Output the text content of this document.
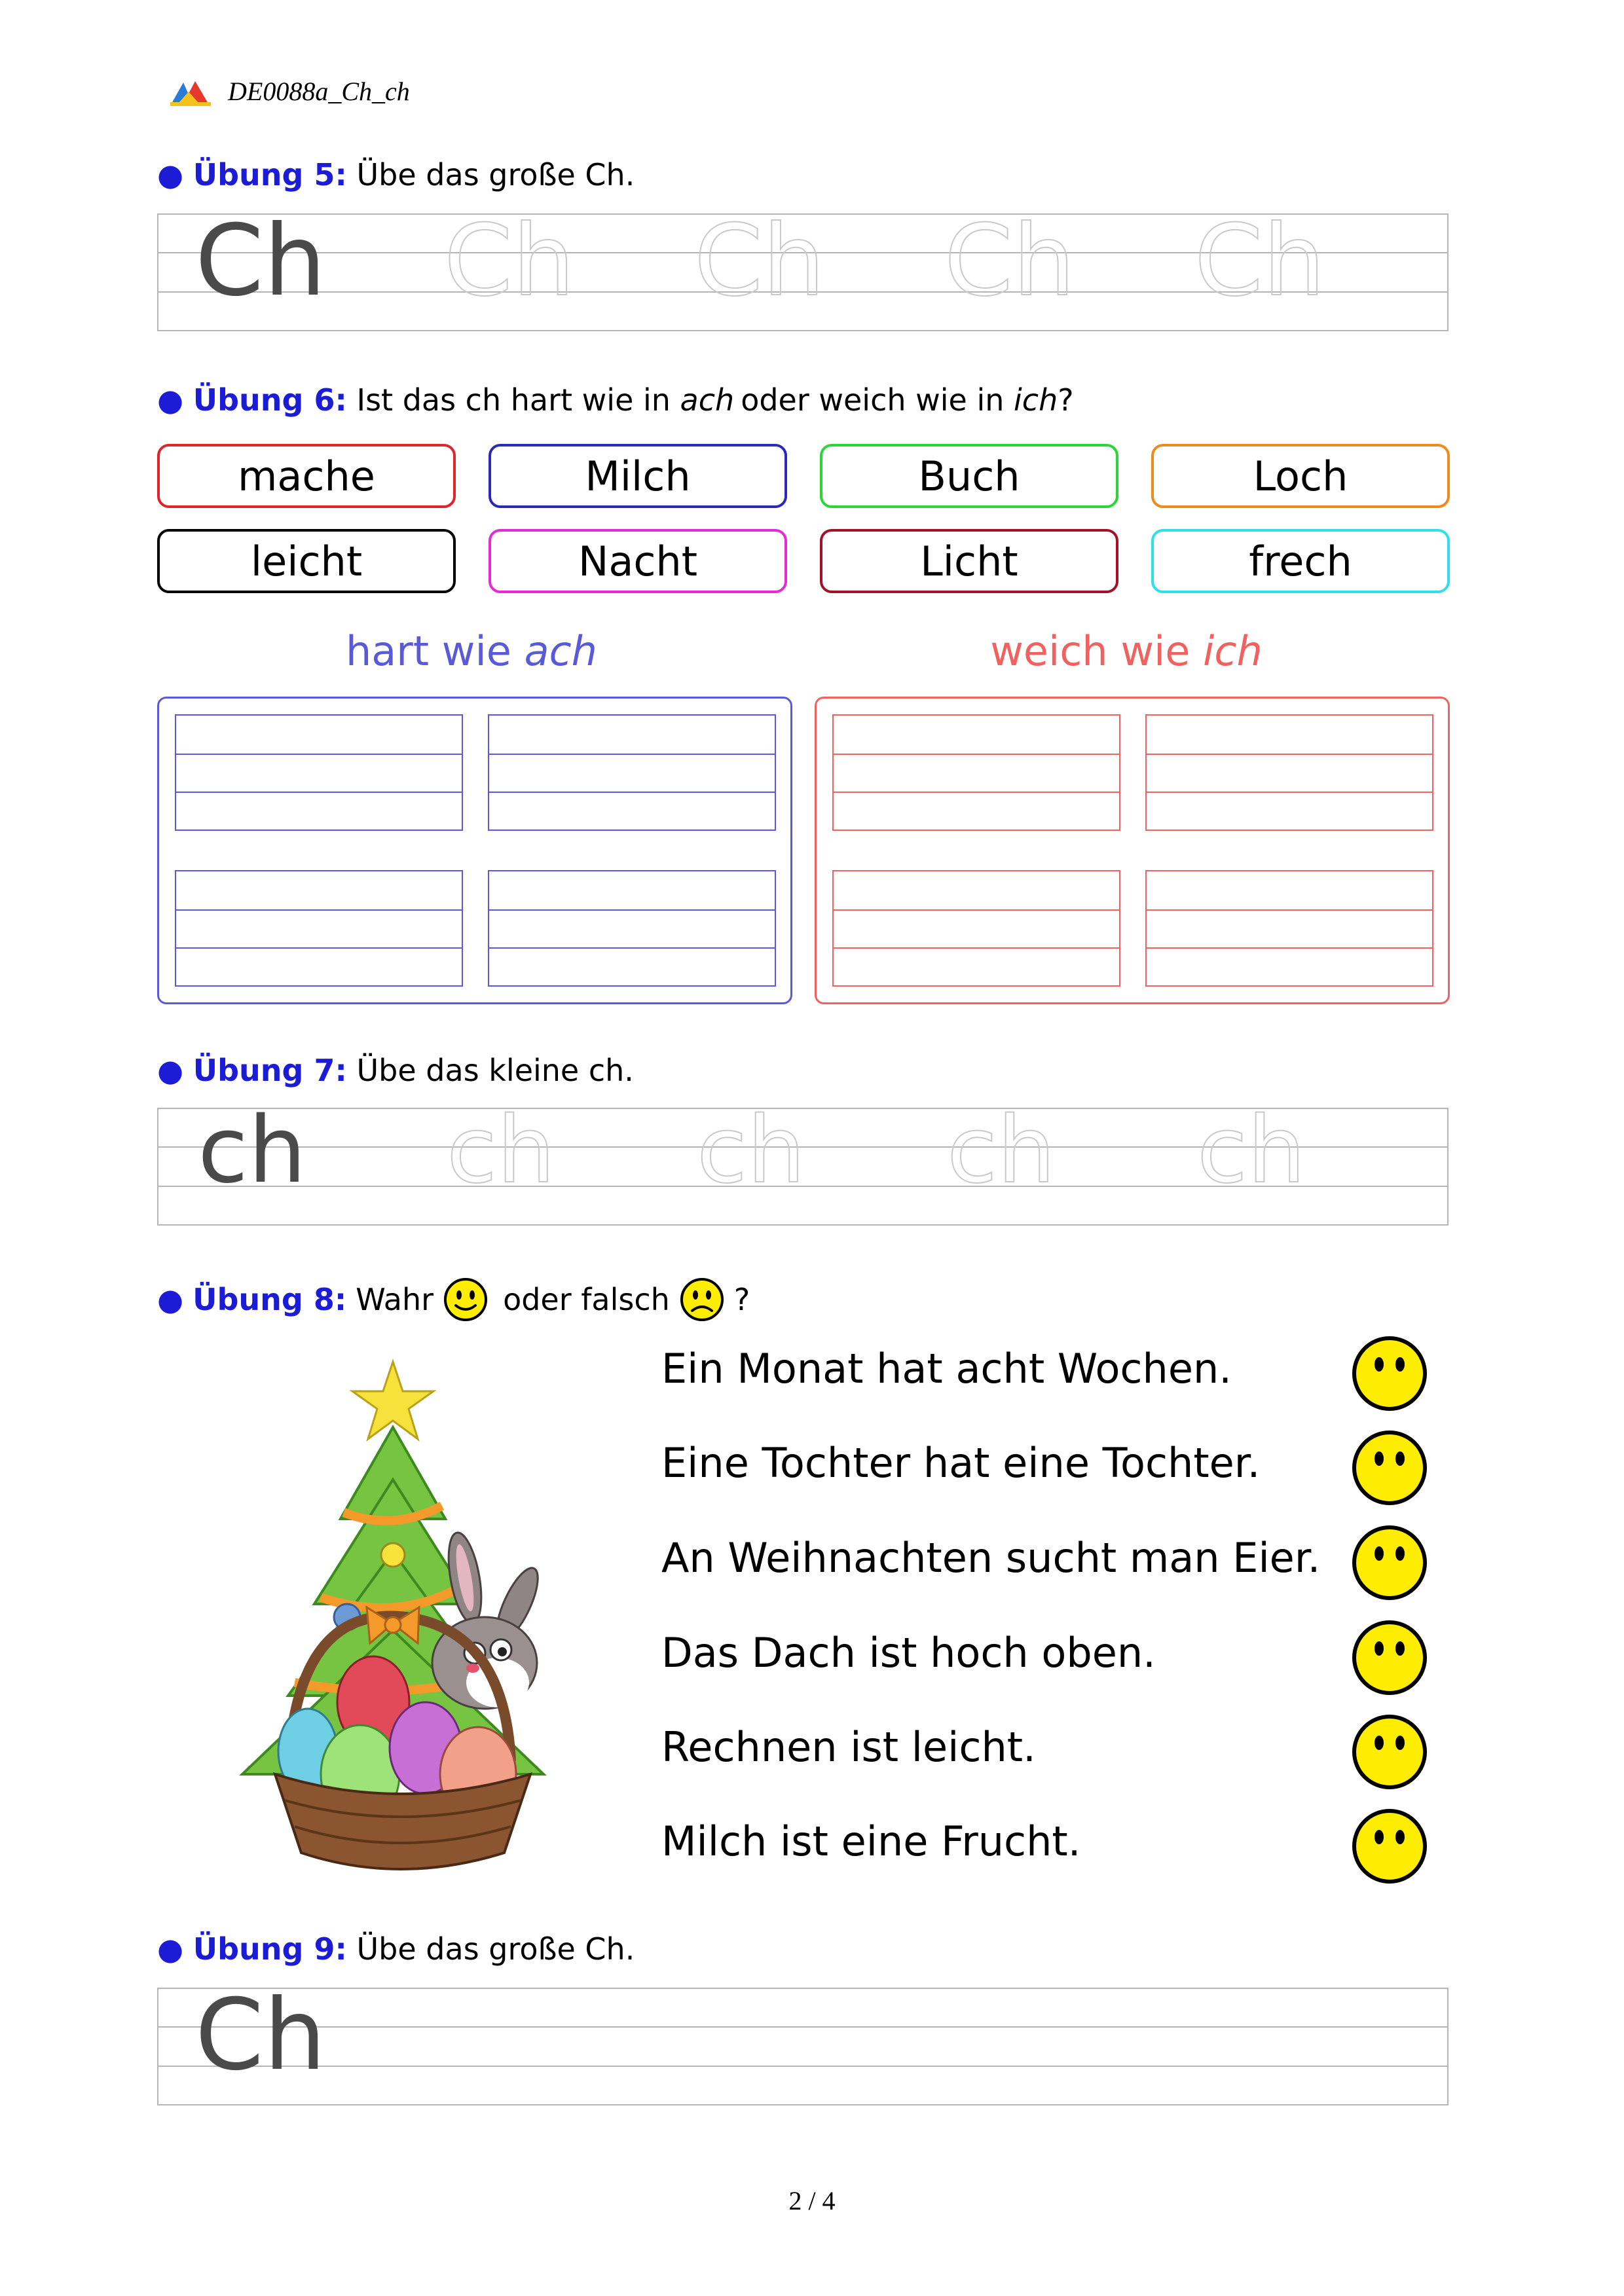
DE0088a_Ch_ch
● Übung 5: Übe das große Ch.
Ch Ch Ch Ch Ch
● Übung 6: Ist das ch hart wie in ach oder weich wie in ich?
mache	Milch	Buch	Loch
leicht	Nacht	Licht	frech
hart wie ach	weich wie ich
● Übung 7: Übe das kleine ch.
ch ch ch ch ch
● Übung 8: Wahr oder falsch ?
Ein Monat hat acht Wochen.
Eine Tochter hat eine Tochter.
An Weihnachten sucht man Eier.
Das Dach ist hoch oben.
Rechnen ist leicht.
Milch ist eine Frucht.
● Übung 9: Übe das große Ch.
Ch
2 / 4
